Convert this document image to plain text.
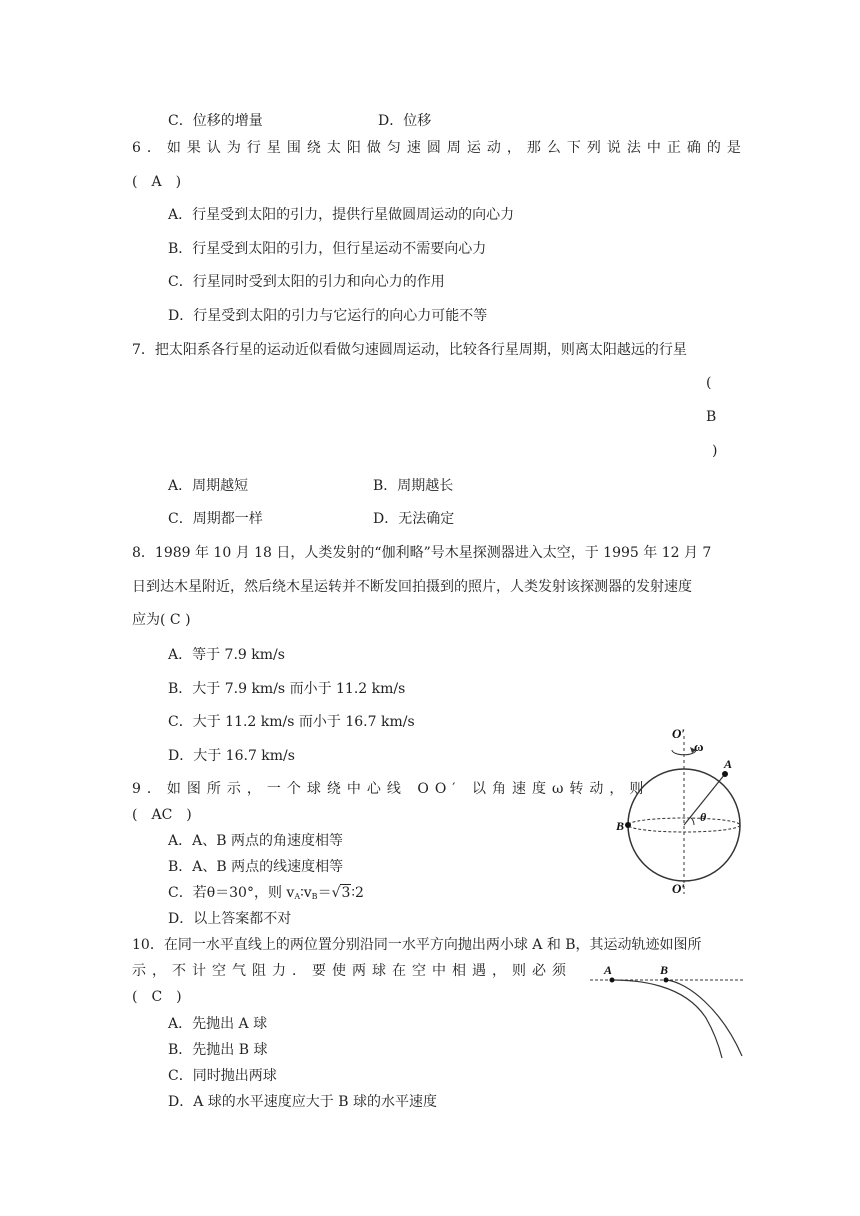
C．位移的增量	D．位移
6．如果认为行星围绕太阳做匀速圆周运动，那么下列说法中正确的是
(　A　)
A．行星受到太阳的引力，提供行星做圆周运动的向心力
B．行星受到太阳的引力，但行星运动不需要向心力
C．行星同时受到太阳的引力和向心力的作用
D．行星受到太阳的引力与它运行的向心力可能不等
7．把太阳系各行星的运动近似看做匀速圆周运动，比较各行星周期，则离太阳越远的行星
(
B
)
A．周期越短	B．周期越长
C．周期都一样	D．无法确定
8．1989 年 10 月 18 日，人类发射的“伽利略”号木星探测器进入太空，于 1995 年 12 月 7
日到达木星附近，然后绕木星运转并不断发回拍摄到的照片，人类发射该探测器的发射速度
应为( C )
A．等于 7.9 km/s
B．大于 7.9 km/s 而小于 11.2 km/s
C．大于 11.2 km/s 而小于 16.7 km/s
D．大于 16.7 km/s
9．如图所示，一个球绕中心线 OO′ 以角速度ω转动，则
(　AC　)
A．A、B 两点的角速度相等
B．A、B 两点的线速度相等
C．若θ＝30°，则 $v_A∶v_B=√3∶2$
D．以上答案都不对
O′
ω
A
B
θ
O′
10．在同一水平直线上的两位置分别沿同一水平方向抛出两小球 A 和 B，其运动轨迹如图所
示，不计空气阻力．要使两球在空中相遇，则必须
(　C　)
A．先抛出 A 球
B．先抛出 B 球
C．同时抛出两球
D．A 球的水平速度应大于 B 球的水平速度
A	B
